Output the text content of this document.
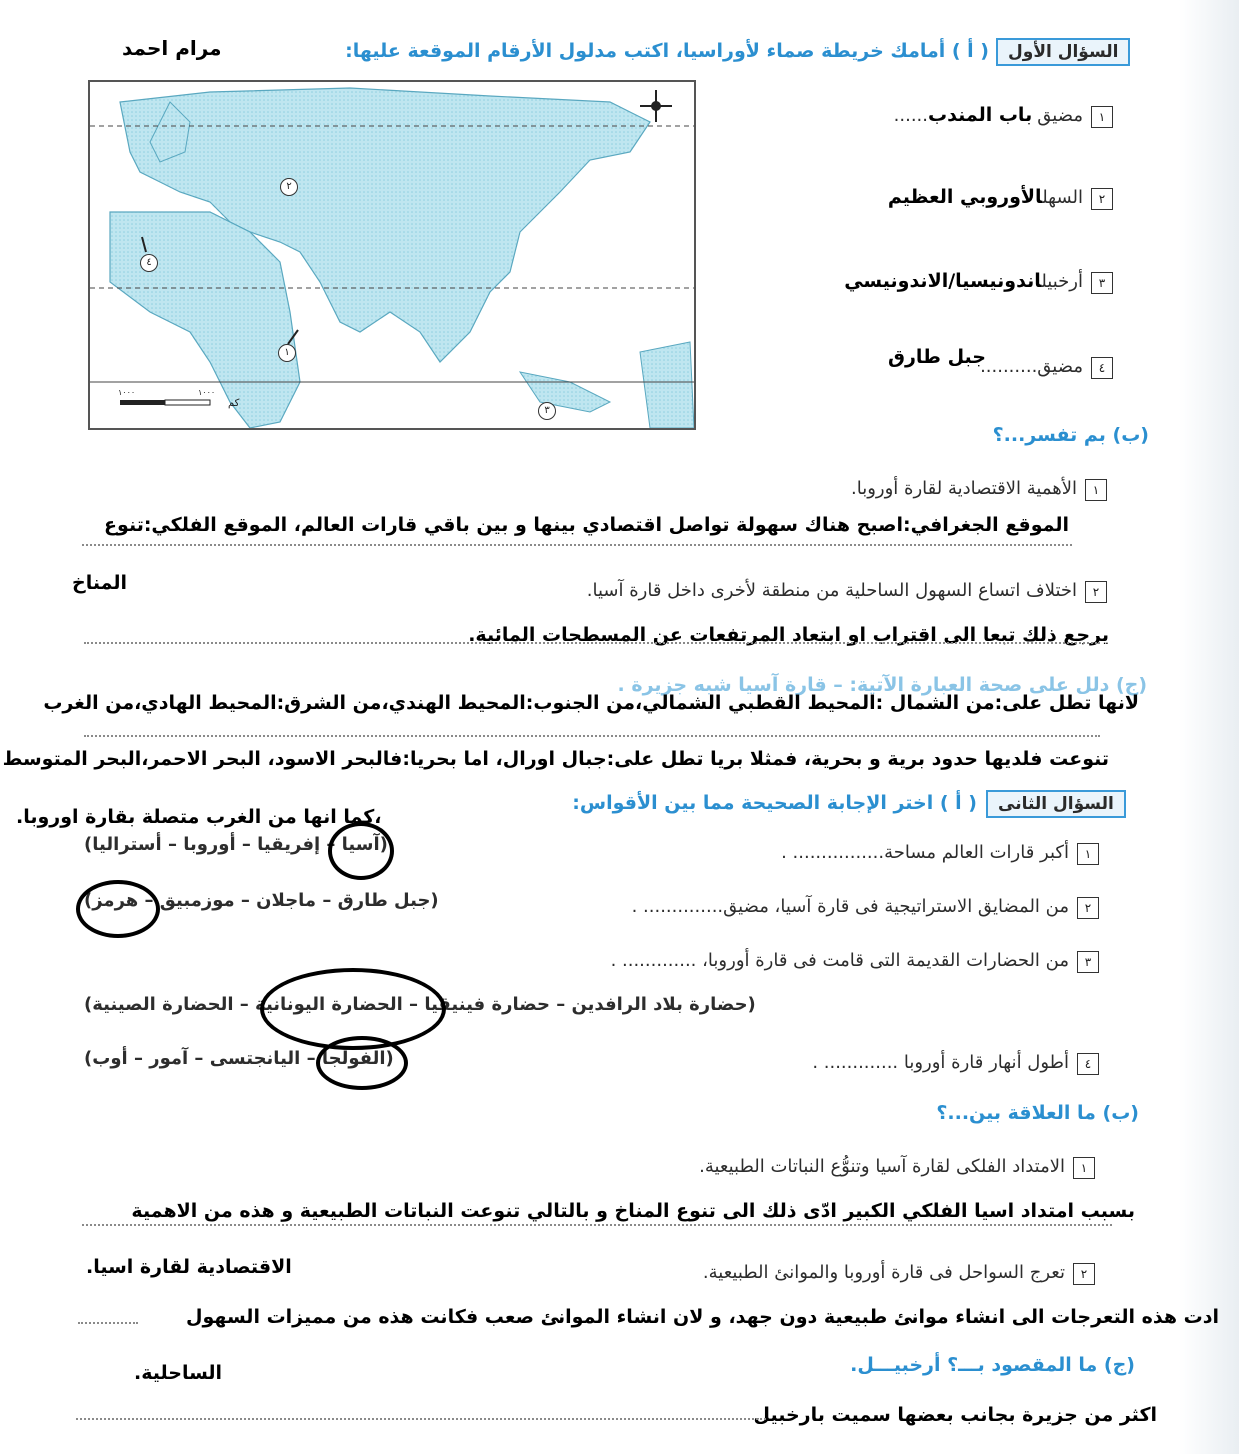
مرام احمد	السؤال الأول
( أ ) أمامك خريطة صماء لأوراسيا، اكتب مدلول الأرقام الموقعة عليها:
٢
٤
١
٣
١٠٠٠
كم
١٠٠٠
١مضيق باب المندب......
٢السهلالأوروبي العظيم
٣أرخبيلاندونيسيا/الاندونيسي
جبل طارق	٤مضيق..........
(ب) بم تفسر...؟
١الأهمية الاقتصادية لقارة أوروبا.
الموقع الجغرافي:اصبح هناك سهولة تواصل اقتصادي بينها و بين باقي قارات العالم، الموقع الفلكي:تنوع
المناخ	٢اختلاف اتساع السهول الساحلية من منطقة لأخرى داخل قارة آسيا.
يرجع ذلك تبعا الى اقتراب او ابتعاد المرتفعات عن المسطحات المائية.
(ج) دلل على صحة العبارة الآتية: – قارة آسيا شبه جزيرة .
لانها تطل على:من الشمال :المحيط القطبي الشمالي،من الجنوب:المحيط الهندي،من الشرق:المحيط الهادي،من الغرب
تنوعت فلديها حدود برية و بحرية، فمثلا بريا تطل على:جبال اورال، اما بحريا:فالبحر الاسود، البحر الاحمر،البحر المتوسط
،كما انها من الغرب متصلة بقارة اوروبا.
السؤال الثانى
( أ ) اختر الإجابة الصحيحة مما بين الأقواس:
١أكبر قارات العالم مساحة................ .
(آسيا – إفريقيا – أوروبا – أستراليا)
٢من المضايق الاستراتيجية فى قارة آسيا، مضيق.............. .
(جبل طارق – ماجلان – موزمبيق – هرمز)
٣من الحضارات القديمة التى قامت فى قارة أوروبا، ............. .
(حضارة بلاد الرافدين – حضارة فينيقيا – الحضارة اليونانية – الحضارة الصينية)
٤أطول أنهار قارة أوروبا ............. .
(الفولجا – اليانجتسى – آمور – أوب)
(ب) ما العلاقة بين...؟
١الامتداد الفلكى لقارة آسيا وتنوُّع النباتات الطبيعية.
بسبب امتداد اسيا الفلكي الكبير ادّى ذلك الى تنوع المناخ و بالتالي تنوعت النباتات الطبيعية و هذه من الاهمية
الاقتصادية لقارة اسيا.	٢تعرج السواحل فى قارة أوروبا والموانئ الطبيعية.
ادت هذه التعرجات الى انشاء موانئ طبيعية دون جهد، و لان انشاء الموانئ صعب فكانت هذه من مميزات السهول
الساحلية.	(ج) ما المقصود بـــ؟ أرخبيـــل.
اكثر من جزيرة بجانب بعضها سميت بارخبيل
